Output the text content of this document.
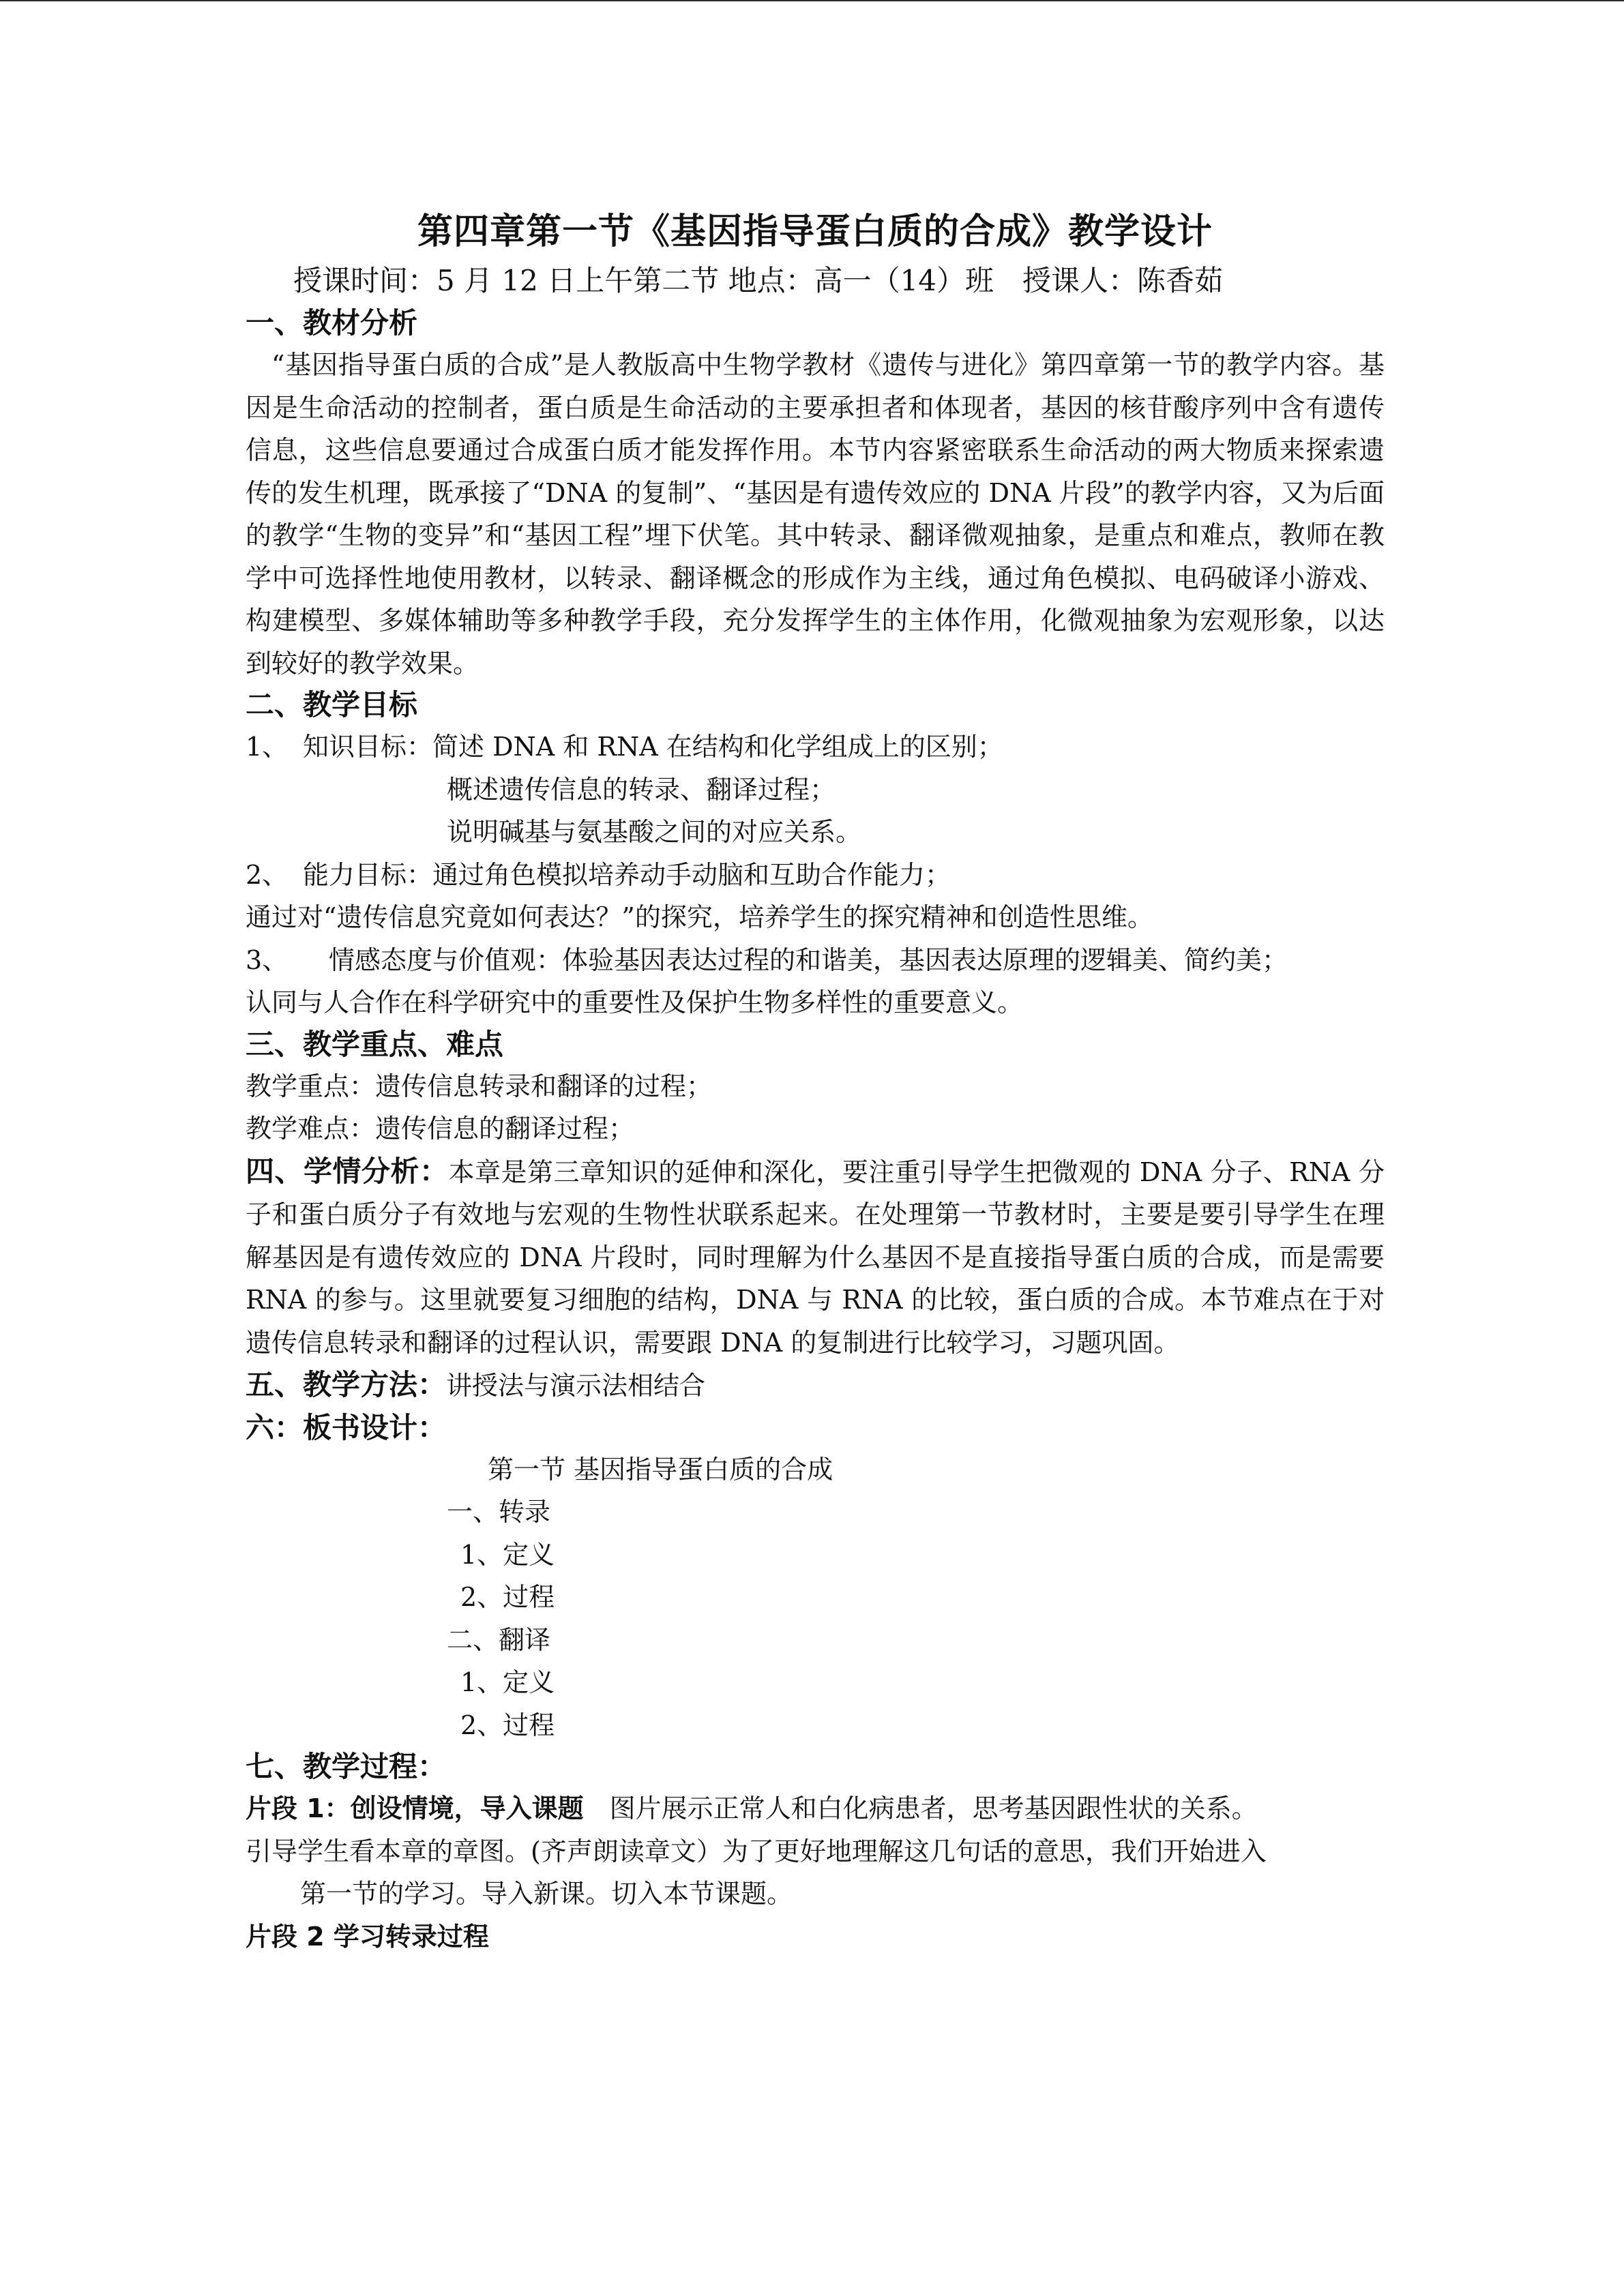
第四章第一节《基因指导蛋白质的合成》教学设计
授课时间：5 月 12 日上午第二节 地点：高一（14）班　授课人：陈香茹
一、教材分析

“基因指导蛋白质的合成”是人教版高中生物学教材《遗传与进化》第四章第一节的教学内容。基因是生命活动的控制者，蛋白质是生命活动的主要承担者和体现者，基因的核苷酸序列中含有遗传信息，这些信息要通过合成蛋白质才能发挥作用。本节内容紧密联系生命活动的两大物质来探索遗传的发生机理，既承接了“DNA 的复制”、“基因是有遗传效应的 DNA 片段”的教学内容，又为后面的教学“生物的变异”和“基因工程”埋下伏笔。其中转录、翻译微观抽象，是重点和难点，教师在教学中可选择性地使用教材，以转录、翻译概念的形成作为主线，通过角色模拟、电码破译小游戏、构建模型、多媒体辅助等多种教学手段，充分发挥学生的主体作用，化微观抽象为宏观形象，以达到较好的教学效果。

二、教学目标
1、 知识目标：简述 DNA 和 RNA 在结构和化学组成上的区别；
概述遗传信息的转录、翻译过程；
说明碱基与氨基酸之间的对应关系。
2、 能力目标：通过角色模拟培养动手动脑和互助合作能力；
通过对“遗传信息究竟如何表达？”的探究，培养学生的探究精神和创造性思维。
3、　情感态度与价值观：体验基因表达过程的和谐美，基因表达原理的逻辑美、简约美；
认同与人合作在科学研究中的重要性及保护生物多样性的重要意义。
三、教学重点、难点
教学重点：遗传信息转录和翻译的过程；
教学难点：遗传信息的翻译过程；

四、学情分析：本章是第三章知识的延伸和深化，要注重引导学生把微观的 DNA 分子、RNA 分子和蛋白质分子有效地与宏观的生物性状联系起来。在处理第一节教材时，主要是要引导学生在理解基因是有遗传效应的 DNA 片段时，同时理解为什么基因不是直接指导蛋白质的合成，而是需要 RNA 的参与。这里就要复习细胞的结构，DNA 与 RNA 的比较，蛋白质的合成。本节难点在于对遗传信息转录和翻译的过程认识，需要跟 DNA 的复制进行比较学习，习题巩固。

五、教学方法：讲授法与演示法相结合
六：板书设计：
第一节 基因指导蛋白质的合成
一、转录
1、定义
2、过程
二、翻译
1、定义
2、过程
七、教学过程：
片段 1：创设情境，导入课题　图片展示正常人和白化病患者，思考基因跟性状的关系。
引导学生看本章的章图。(齐声朗读章文）为了更好地理解这几句话的意思，我们开始进入
第一节的学习。导入新课。切入本节课题。
片段 2 学习转录过程
